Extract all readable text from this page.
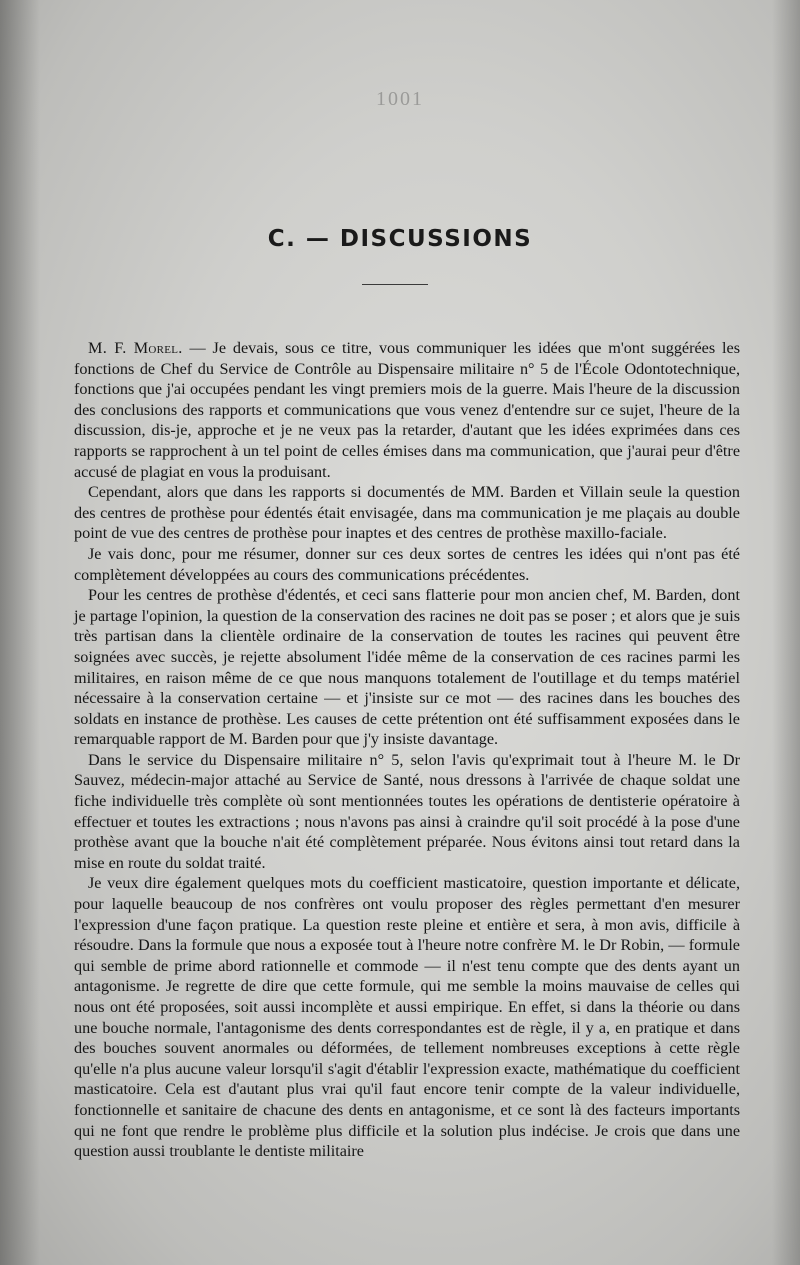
1001
C. — DISCUSSIONS

M. F. Morel. — Je devais, sous ce titre, vous communiquer les idées que m'ont suggérées les fonctions de Chef du Service de Contrôle au Dispensaire militaire n° 5 de l'École Odontotechnique, fonctions que j'ai occupées pendant les vingt premiers mois de la guerre. Mais l'heure de la discussion des conclusions des rapports et communications que vous venez d'entendre sur ce sujet, l'heure de la discussion, dis-je, approche et je ne veux pas la retarder, d'autant que les idées exprimées dans ces rapports se rapprochent à un tel point de celles émises dans ma communication, que j'aurai peur d'être accusé de plagiat en vous la produisant.

Cependant, alors que dans les rapports si documentés de MM. Barden et Villain seule la question des centres de prothèse pour édentés était envisagée, dans ma communication je me plaçais au double point de vue des centres de prothèse pour inaptes et des centres de prothèse maxillo-faciale.

Je vais donc, pour me résumer, donner sur ces deux sortes de centres les idées qui n'ont pas été complètement développées au cours des communications précédentes.

Pour les centres de prothèse d'édentés, et ceci sans flatterie pour mon ancien chef, M. Barden, dont je partage l'opinion, la question de la conservation des racines ne doit pas se poser ; et alors que je suis très partisan dans la clientèle ordinaire de la conservation de toutes les racines qui peuvent être soignées avec succès, je rejette absolument l'idée même de la conservation de ces racines parmi les militaires, en raison même de ce que nous manquons totalement de l'outillage et du temps matériel nécessaire à la conservation certaine — et j'insiste sur ce mot — des racines dans les bouches des soldats en instance de prothèse. Les causes de cette prétention ont été suffisamment exposées dans le remarquable rapport de M. Barden pour que j'y insiste davantage.

Dans le service du Dispensaire militaire n° 5, selon l'avis qu'exprimait tout à l'heure M. le Dr Sauvez, médecin-major attaché au Service de Santé, nous dressons à l'arrivée de chaque soldat une fiche individuelle très complète où sont mentionnées toutes les opérations de dentisterie opératoire à effectuer et toutes les extractions ; nous n'avons pas ainsi à craindre qu'il soit procédé à la pose d'une prothèse avant que la bouche n'ait été complètement préparée. Nous évitons ainsi tout retard dans la mise en route du soldat traité.

Je veux dire également quelques mots du coefficient masticatoire, question importante et délicate, pour laquelle beaucoup de nos confrères ont voulu proposer des règles permettant d'en mesurer l'expression d'une façon pratique. La question reste pleine et entière et sera, à mon avis, difficile à résoudre. Dans la formule que nous a exposée tout à l'heure notre confrère M. le Dr Robin, — formule qui semble de prime abord rationnelle et commode — il n'est tenu compte que des dents ayant un antagonisme. Je regrette de dire que cette formule, qui me semble la moins mauvaise de celles qui nous ont été proposées, soit aussi incomplète et aussi empirique. En effet, si dans la théorie ou dans une bouche normale, l'antagonisme des dents correspondantes est de règle, il y a, en pratique et dans des bouches souvent anormales ou déformées, de tellement nombreuses exceptions à cette règle qu'elle n'a plus aucune valeur lorsqu'il s'agit d'établir l'expression exacte, mathématique du coefficient masticatoire. Cela est d'autant plus vrai qu'il faut encore tenir compte de la valeur individuelle, fonctionnelle et sanitaire de chacune des dents en antagonisme, et ce sont là des facteurs importants qui ne font que rendre le problème plus difficile et la solution plus indécise. Je crois que dans une question aussi troublante le dentiste militaire
